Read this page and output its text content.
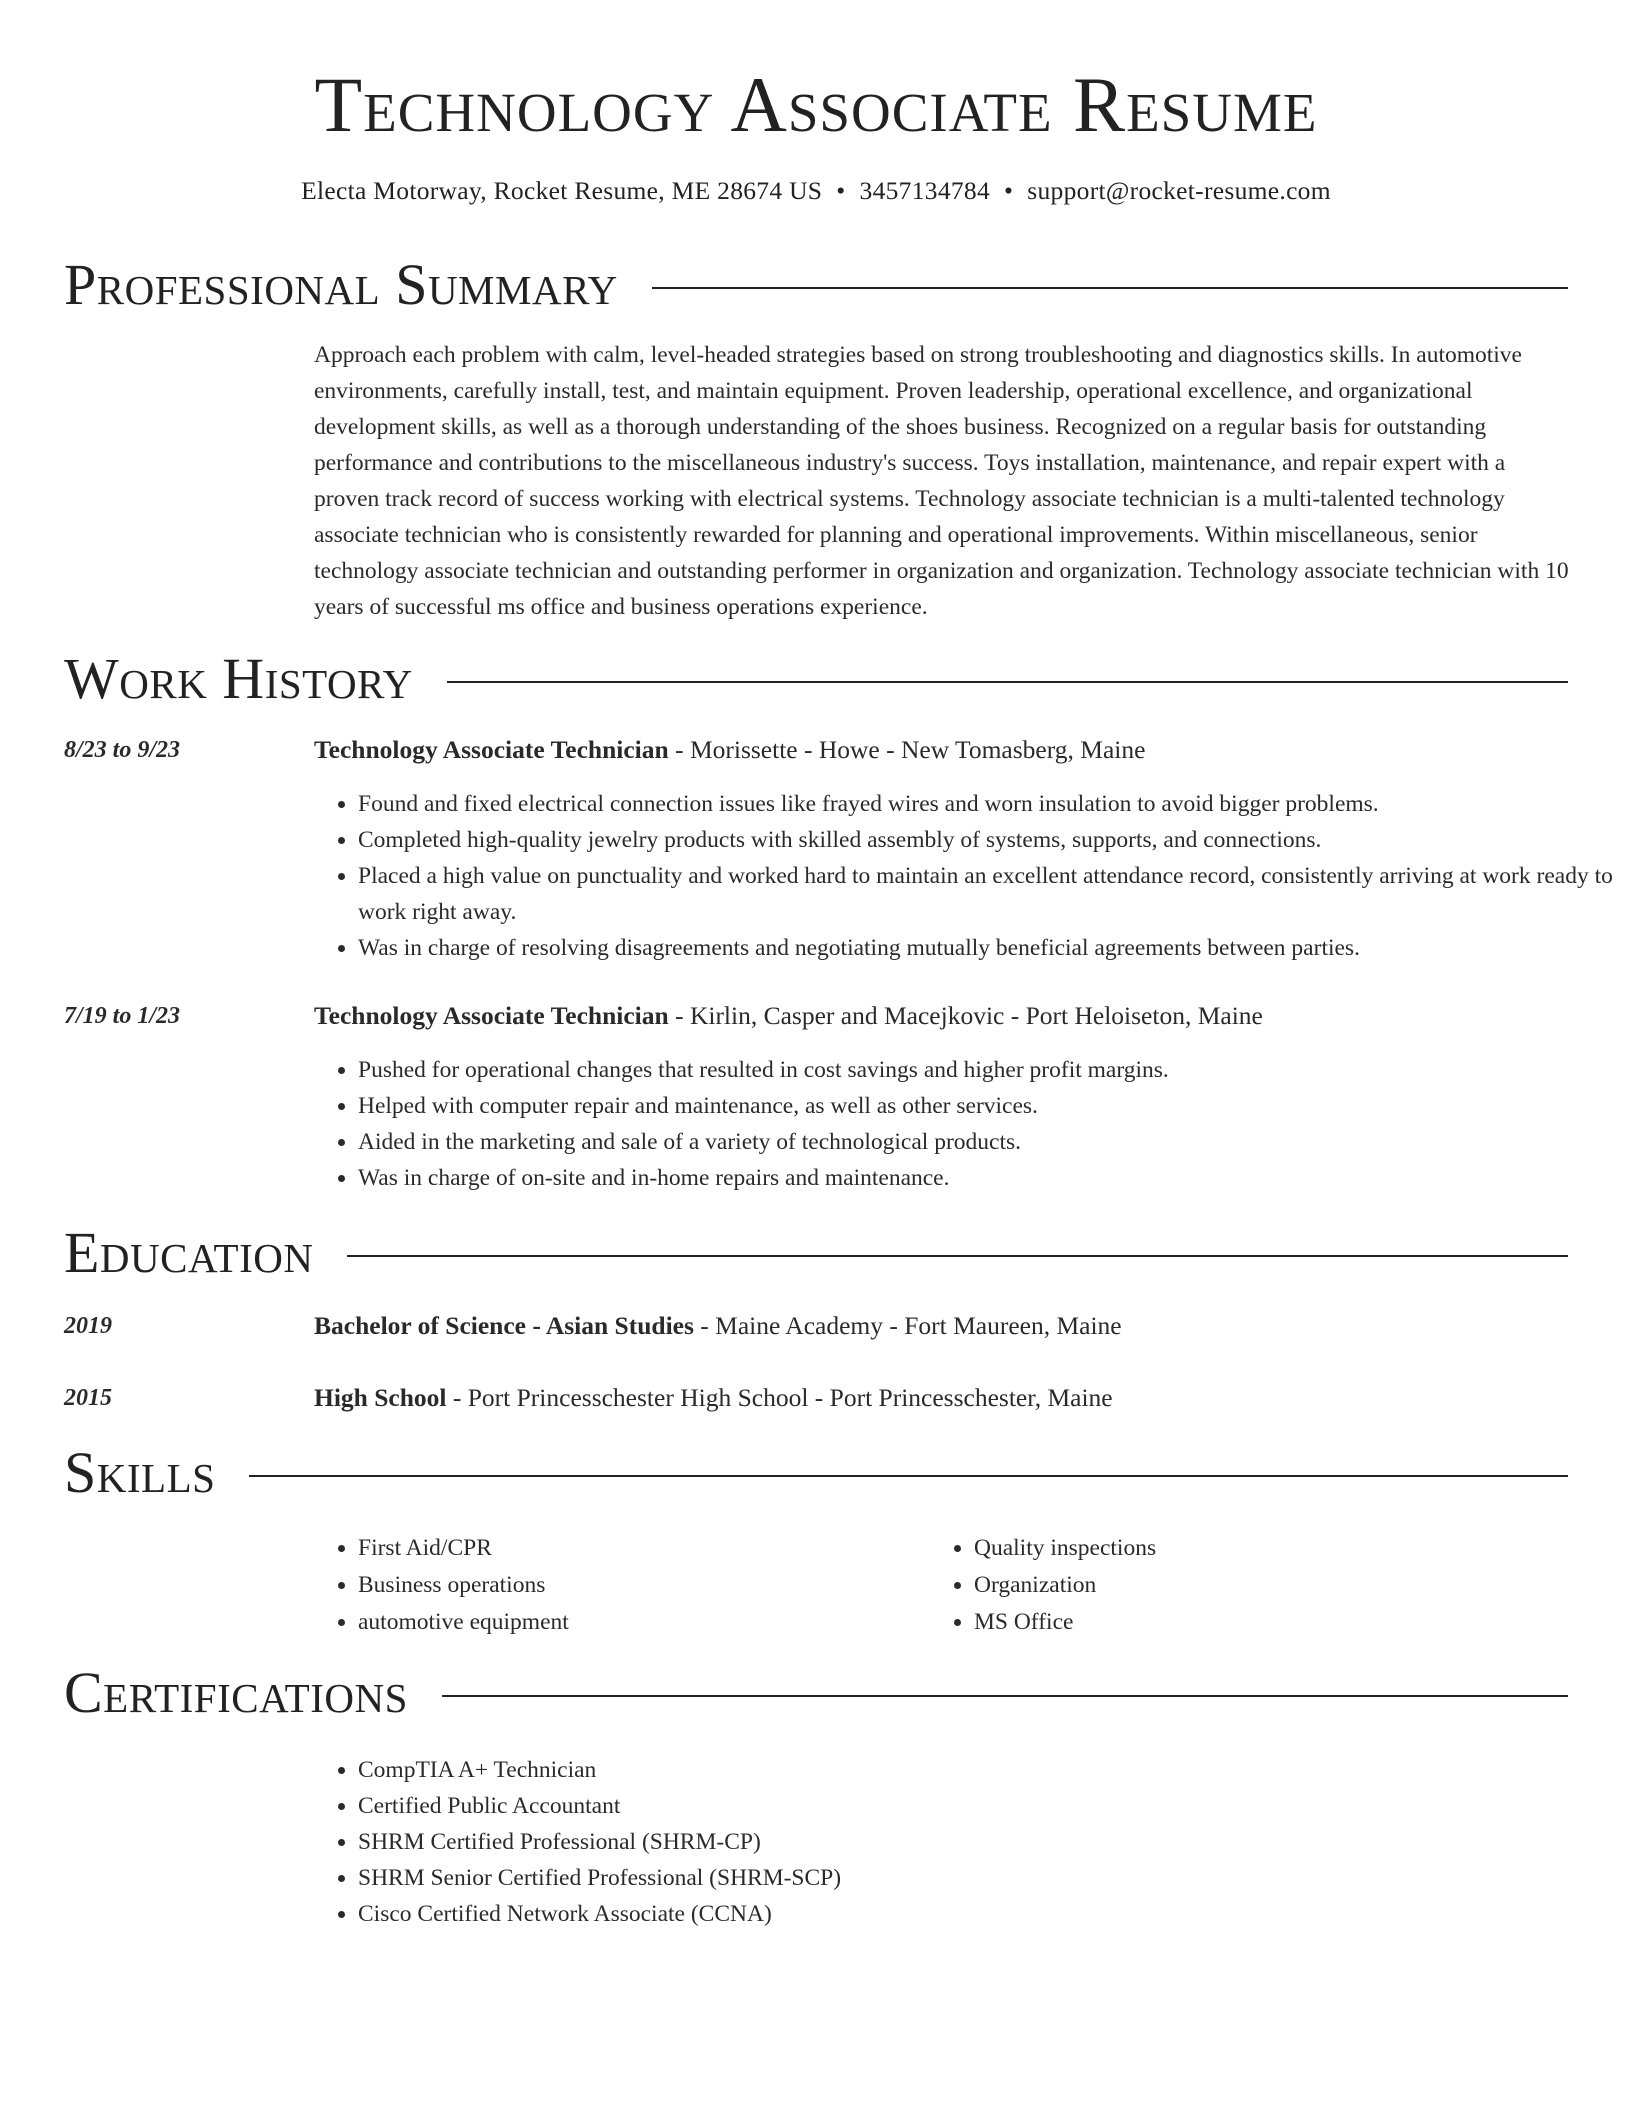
Technology Associate Resume
Electa Motorway, Rocket Resume, ME 28674 US • 3457134784 • support@rocket-resume.com
Professional Summary

Approach each problem with calm, level-headed strategies based on strong troubleshooting and diagnostics skills. In automotive environments, carefully install, test, and maintain equipment. Proven leadership, operational excellence, and organizational development skills, as well as a thorough understanding of the shoes business. Recognized on a regular basis for outstanding performance and contributions to the miscellaneous industry's success. Toys installation, maintenance, and repair expert with a proven track record of success working with electrical systems. Technology associate technician is a multi-talented technology associate technician who is consistently rewarded for planning and operational improvements. Within miscellaneous, senior technology associate technician and outstanding performer in organization and organization. Technology associate technician with 10 years of successful ms office and business operations experience.

Work History
8/23 to 9/23	Technology Associate Technician - Morissette - Howe - New Tomasberg, Maine
• Found and fixed electrical connection issues like frayed wires and worn insulation to avoid bigger problems.
• Completed high-quality jewelry products with skilled assembly of systems, supports, and connections.
• Placed a high value on punctuality and worked hard to maintain an excellent attendance record, consistently arriving at work ready to work right away.
• Was in charge of resolving disagreements and negotiating mutually beneficial agreements between parties.
7/19 to 1/23	Technology Associate Technician - Kirlin, Casper and Macejkovic - Port Heloiseton, Maine
• Pushed for operational changes that resulted in cost savings and higher profit margins.
• Helped with computer repair and maintenance, as well as other services.
• Aided in the marketing and sale of a variety of technological products.
• Was in charge of on-site and in-home repairs and maintenance.
Education
2019	Bachelor of Science - Asian Studies - Maine Academy - Fort Maureen, Maine
2015	High School - Port Princesschester High School - Port Princesschester, Maine
Skills
• First Aid/CPR
• Business operations
• automotive equipment
• Quality inspections
• Organization
• MS Office
Certifications
• CompTIA A+ Technician
• Certified Public Accountant
• SHRM Certified Professional (SHRM-CP)
• SHRM Senior Certified Professional (SHRM-SCP)
• Cisco Certified Network Associate (CCNA)
